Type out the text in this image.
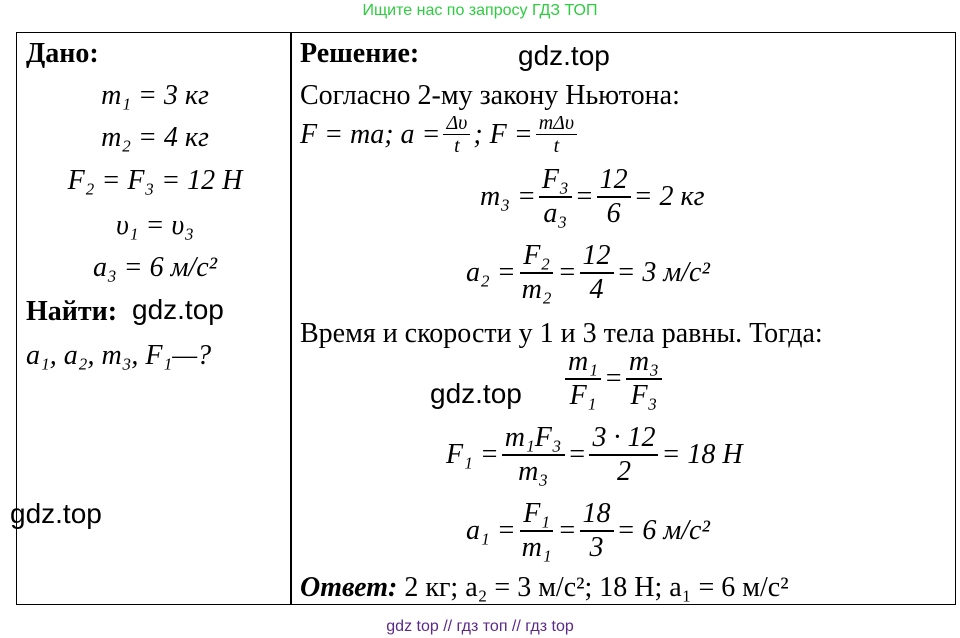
Ищите нас по запросу ГДЗ ТОП
Дано:
m₁ = 3 кг
m₂ = 4 кг
F₂ = F₃ = 12 Н
υ₁ = υ₃
a₃ = 6 м/с²
Найти:
a₁, a₂, m₃, F₁—?
Решение:
Согласно 2-му закону Ньютона:
F = ma; $a = \frac{\Delta\upsilon}{t}$ ; $F = \frac{\text{mΔυ}}{t}$
$m_3 = \frac{\text{F₃}}{\text{a₃}} = \frac{12}{6} = 2$ кг
$a_2 = \frac{\text{F₂}}{\text{m₂}} = \frac{12}{4} = 3$ м/с²
Время и скорости у 1 и 3 тела равны. Тогда:
$\frac{\text{m₁}}{\text{F₁}} = \frac{\text{m₃}}{\text{F₃}}$
$F_1 = \frac{\text{m₁F₃}}{\text{m₃}} = \frac{3 \cdot 12}{2} = 18$ Н
$a_1 = \frac{\text{F₁}}{\text{m₁}} = \frac{18}{3} = 6$ м/с²
Ответ: 2 кг; a₂ = 3 м/с²; 18 Н; a₁ = 6 м/с²
gdz.top
gdz.top
gdz.top
gdz.top
gdz top // гдз топ // гдз top
